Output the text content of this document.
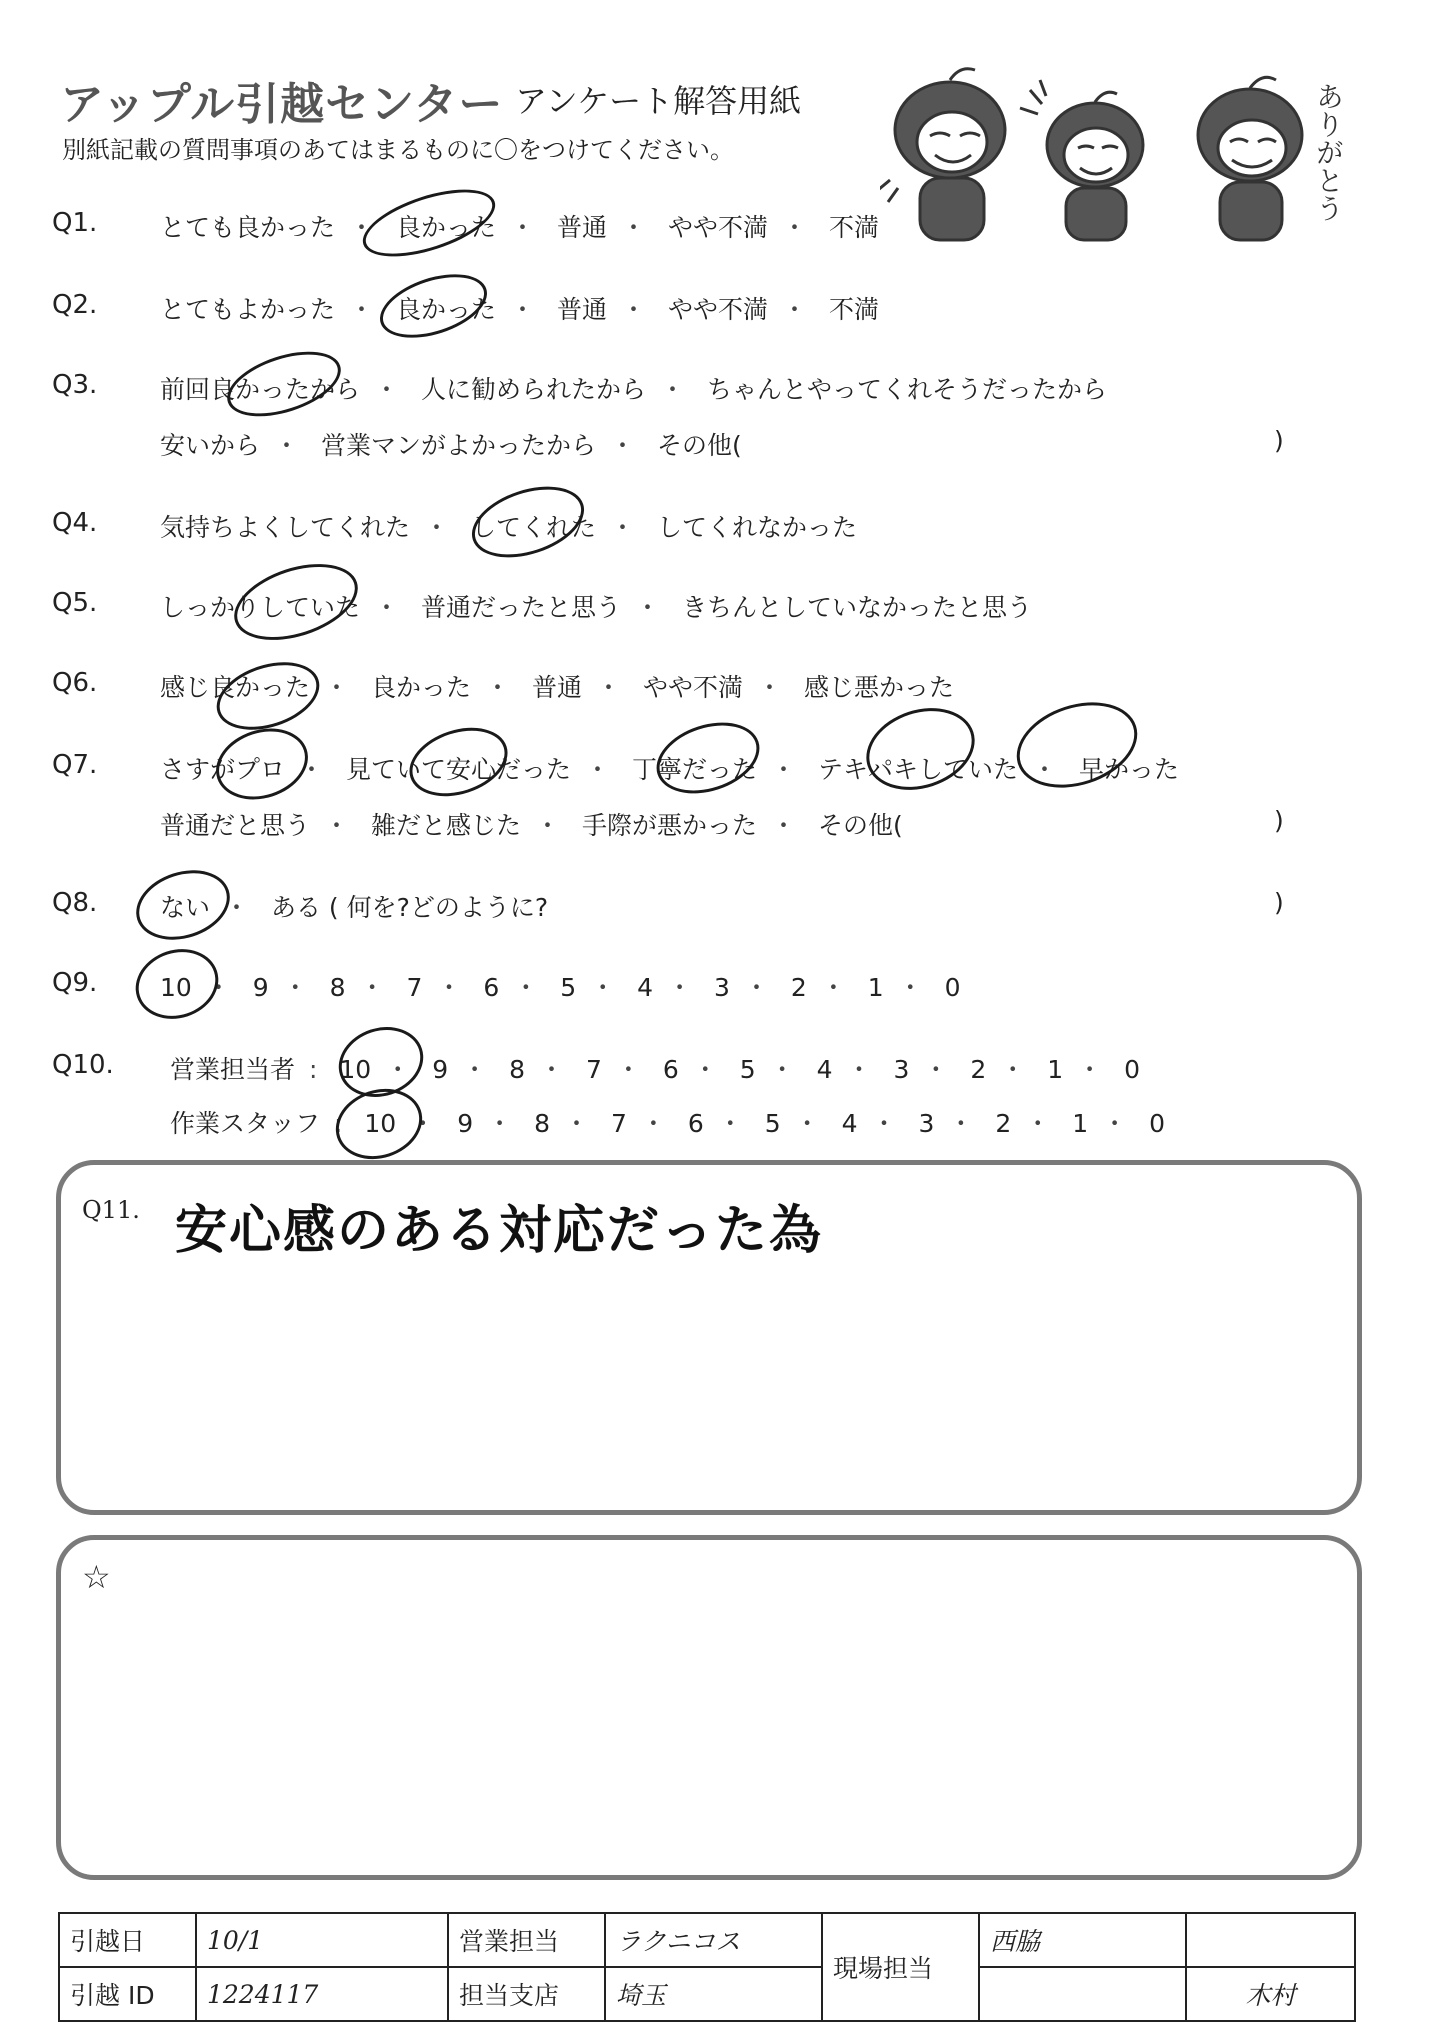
アップル引越センター アンケート解答用紙
別紙記載の質問事項のあてはまるものに〇をつけてください。	ありがとう
Q1.	とても良かった ・ 良かった ・ 普通 ・ やや不満 ・ 不満
Q2.	とてもよかった ・ 良かった ・ 普通 ・ やや不満 ・ 不満
Q3.	前回良かったから ・ 人に勧められたから ・ ちゃんとやってくれそうだったから
安いから ・ 営業マンがよかったから ・ その他(	)
Q4.	気持ちよくしてくれた ・ してくれた ・ してくれなかった
Q5.	しっかりしていた ・ 普通だったと思う ・ きちんとしていなかったと思う
Q6.	感じ良かった ・ 良かった ・ 普通 ・ やや不満 ・ 感じ悪かった
Q7.	さすがプロ ・ 見ていて安心だった ・ 丁寧だった ・ テキパキしていた ・ 早かった
普通だと思う ・ 雑だと感じた ・ 手際が悪かった ・ その他(	)
Q8.	ない ・ ある ( 何を?どのように?	)
Q9.	10 ・ 9 ・ 8 ・ 7 ・ 6 ・ 5 ・ 4 ・ 3 ・ 2 ・ 1 ・ 0
Q10. 営業担当者 : 10 ・ 9 ・ 8 ・ 7 ・ 6 ・ 5 ・ 4 ・ 3 ・ 2 ・ 1 ・ 0
作業スタッフ : 10 ・ 9 ・ 8 ・ 7 ・ 6 ・ 5 ・ 4 ・ 3 ・ 2 ・ 1 ・ 0
Q11. 安心感のある対応だった為
☆
引越日	10/1	営業担当	ラクニコス	現場担当	西脇	
引越 ID	1224117	担当支店	埼玉			木村
